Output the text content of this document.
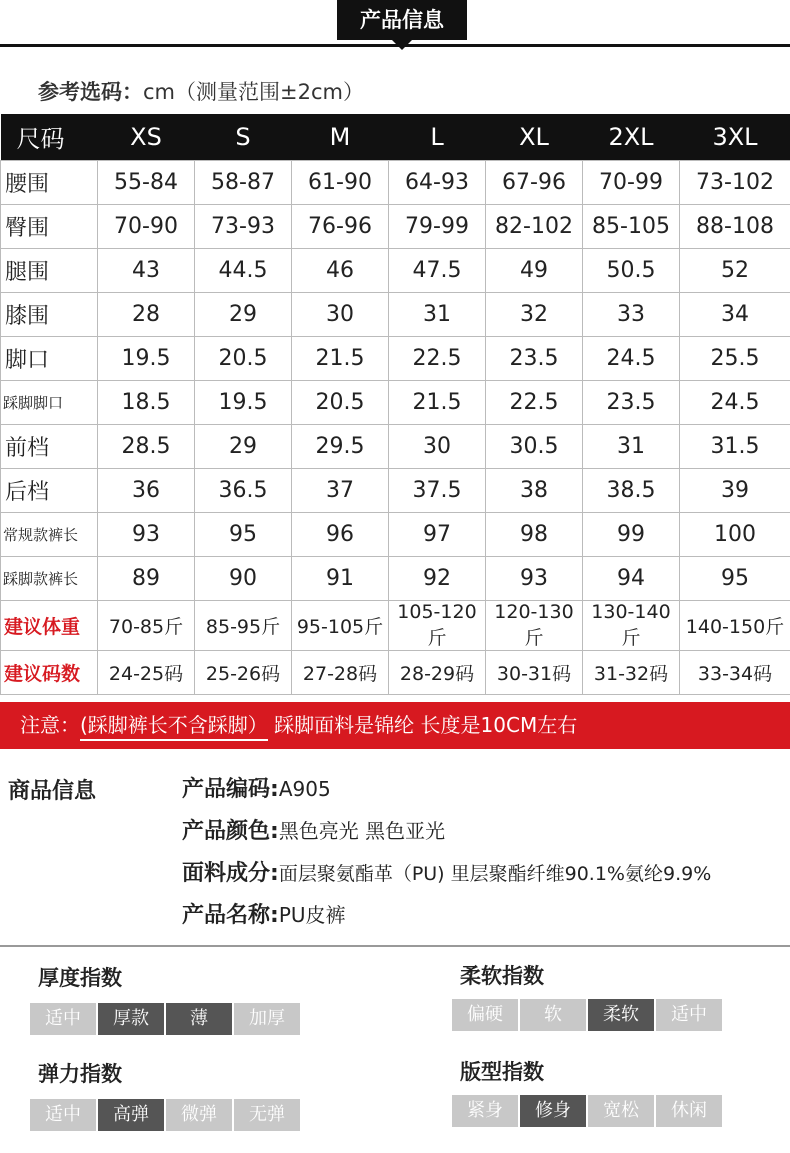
产品信息
参考选码：cm（测量范围±2cm）
尺码	XS	S	M	L	XL	2XL	3XL
腰围	55-84	58-87	61-90	64-93	67-96	70-99	73-102
臀围	70-90	73-93	76-96	79-99	82-102	85-105	88-108
腿围	43	44.5	46	47.5	49	50.5	52
膝围	28	29	30	31	32	33	34
脚口	19.5	20.5	21.5	22.5	23.5	24.5	25.5
踩脚脚口	18.5	19.5	20.5	21.5	22.5	23.5	24.5
前档	28.5	29	29.5	30	30.5	31	31.5
后档	36	36.5	37	37.5	38	38.5	39
常规款裤长	93	95	96	97	98	99	100
踩脚款裤长	89	90	91	92	93	94	95
建议体重	70-85斤	85-95斤	95-105斤	105-120斤	120-130斤	130-140斤	140-150斤
建议码数	24-25码	25-26码	27-28码	28-29码	30-31码	31-32码	33-34码
注意：(踩脚裤长不含踩脚） 踩脚面料是锦纶 长度是10CM左右
商品信息	产品编码:A905
产品颜色:黑色亮光 黑色亚光
面料成分:面层聚氨酯革（PU) 里层聚酯纤维90.1%氨纶9.9%
产品名称:PU皮裤
厚度指数
适中	厚款	薄	加厚
柔软指数
偏硬	软	柔软	适中
弹力指数
适中	高弹	微弹	无弹
版型指数
紧身	修身	宽松	休闲
